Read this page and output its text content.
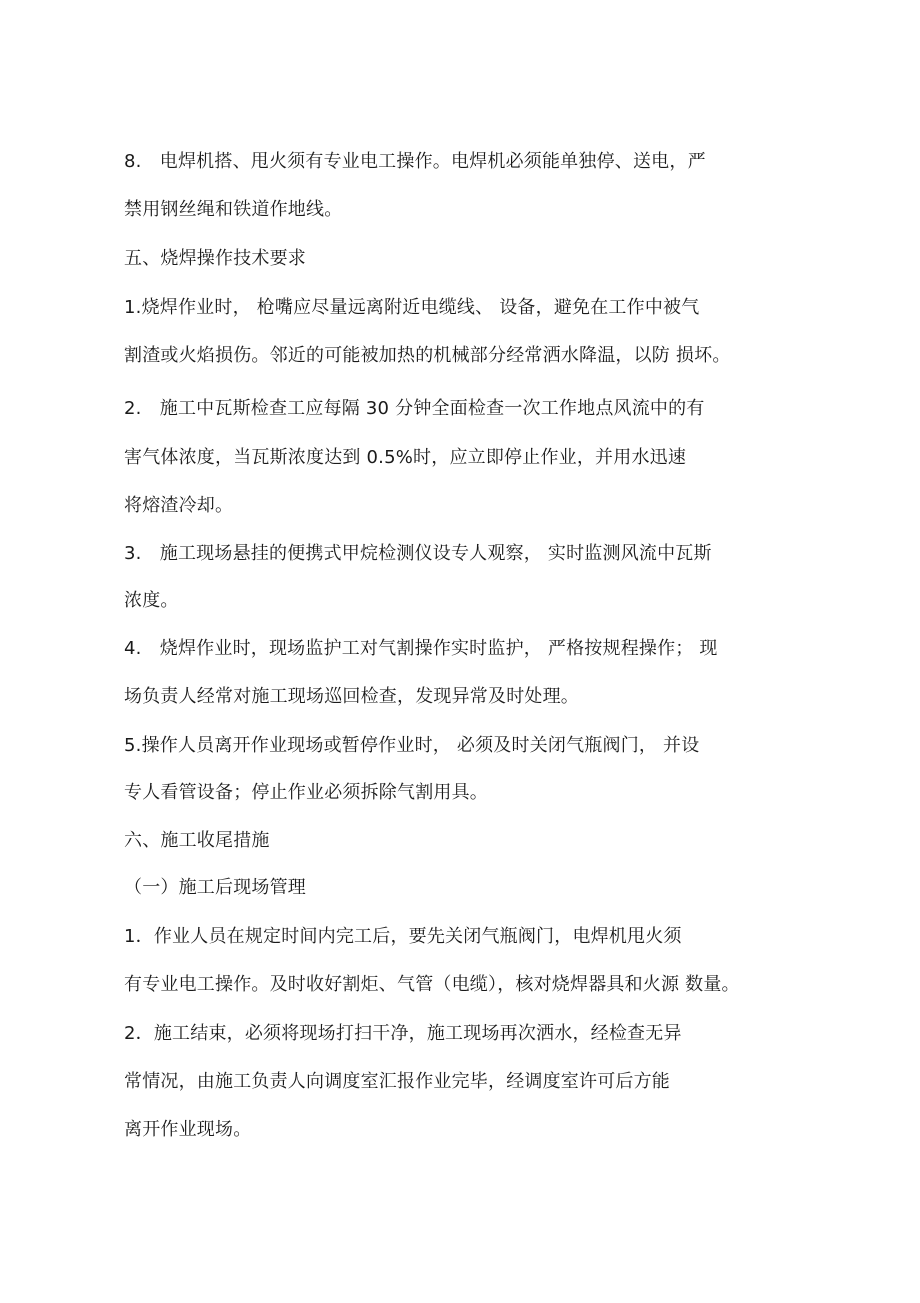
8.　电焊机搭、甩火须有专业电工操作。电焊机必须能单独停、送电，严
禁用钢丝绳和铁道作地线。
五、烧焊操作技术要求
1.烧焊作业时， 枪嘴应尽量远离附近电缆线、 设备，避免在工作中被气
割渣或火焰损伤。邻近的可能被加热的机械部分经常洒水降温，以防 损坏。
2.　施工中瓦斯检查工应每隔 30 分钟全面检查一次工作地点风流中的有
害气体浓度，当瓦斯浓度达到 0.5%时，应立即停止作业，并用水迅速
将熔渣冷却。
3.　施工现场悬挂的便携式甲烷检测仪设专人观察， 实时监测风流中瓦斯
浓度。
4.　烧焊作业时，现场监护工对气割操作实时监护， 严格按规程操作； 现
场负责人经常对施工现场巡回检查，发现异常及时处理。
5.操作人员离开作业现场或暂停作业时， 必须及时关闭气瓶阀门， 并设
专人看管设备；停止作业必须拆除气割用具。
六、施工收尾措施
（一）施工后现场管理
1．作业人员在规定时间内完工后，要先关闭气瓶阀门，电焊机甩火须
有专业电工操作。及时收好割炬、气管（电缆），核对烧焊器具和火源 数量。
2．施工结束，必须将现场打扫干净，施工现场再次洒水，经检查无异
常情况，由施工负责人向调度室汇报作业完毕，经调度室许可后方能
离开作业现场。
